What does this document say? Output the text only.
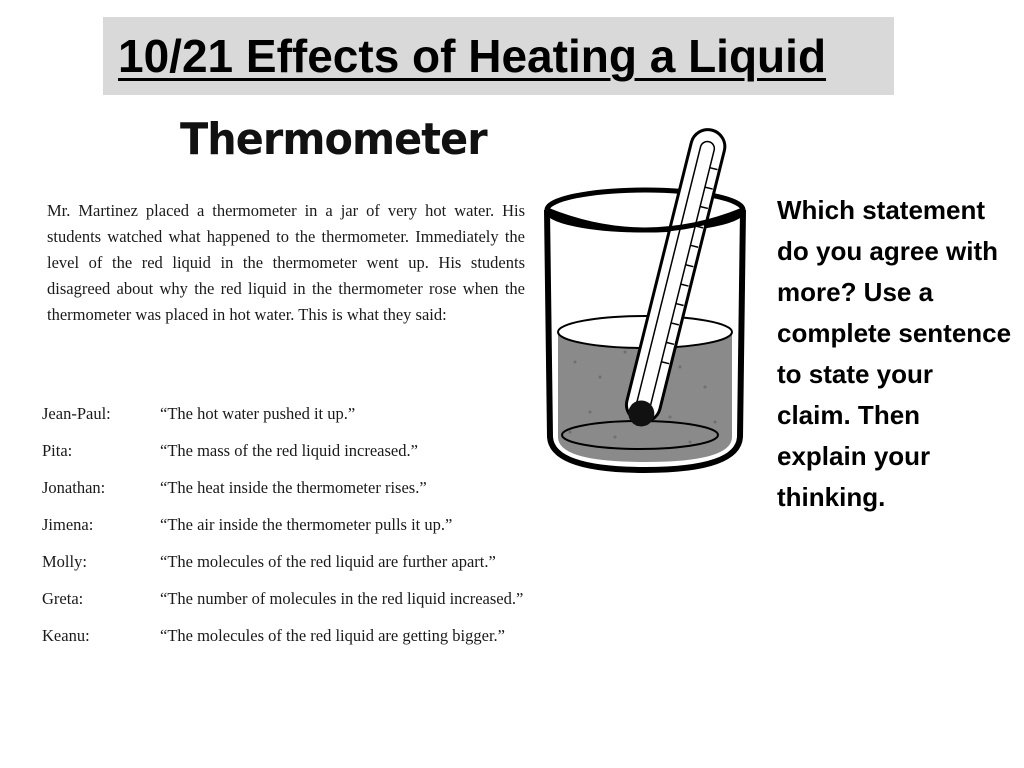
10/21 Effects of Heating a Liquid
Thermometer

Mr. Martinez placed a thermometer in a jar of very hot water. His students watched what happened to the thermometer. Immediately the level of the red liquid in the thermometer went up. His students disagreed about why the red liquid in the thermometer rose when the thermometer was placed in hot water. This is what they said:

Jean-Paul:	“The hot water pushed it up.”
Pita:	“The mass of the red liquid increased.”
Jonathan:	“The heat inside the thermometer rises.”
Jimena:	“The air inside the thermometer pulls it up.”
Molly:	“The molecules of the red liquid are further apart.”
Greta:	“The number of molecules in the red liquid increased.”
Keanu:	“The molecules of the red liquid are getting bigger.”

Which statement do you agree with more? Use a complete sentence to state your claim. Then explain your thinking.
